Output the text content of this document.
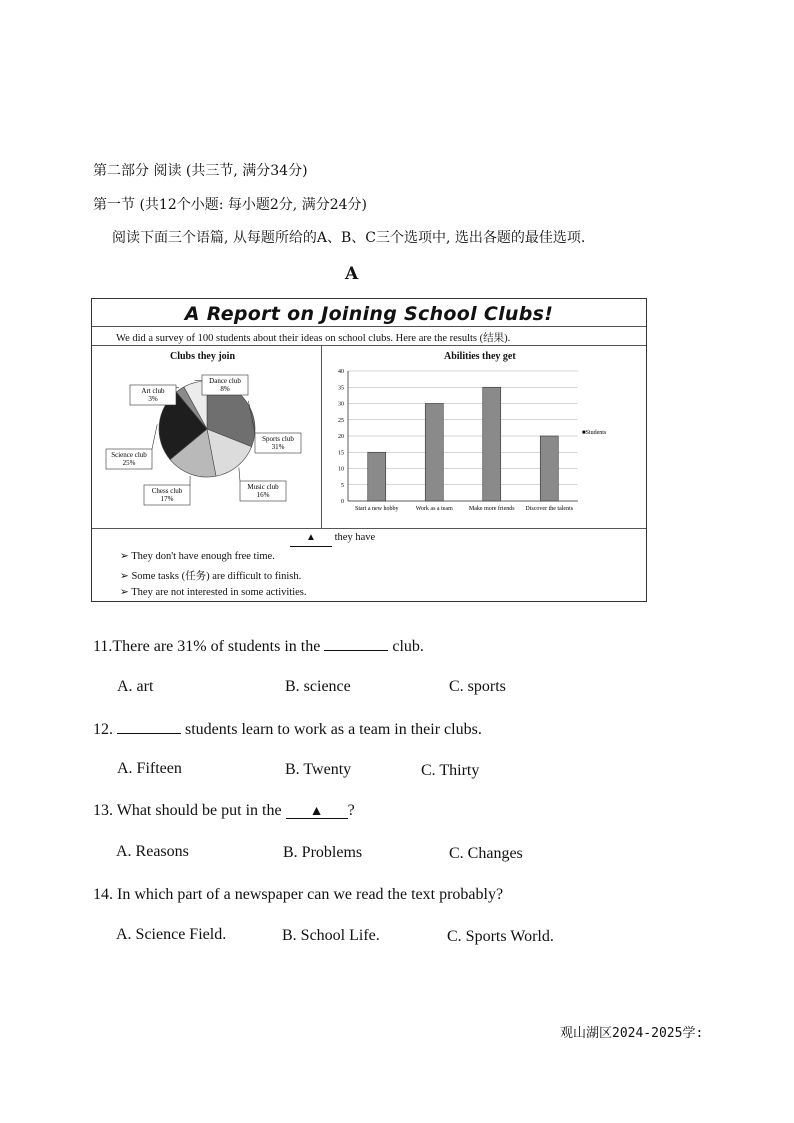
第二部分 阅读 (共三节, 满分34分)
第一节 (共12个小题: 每小题2分, 满分24分)
阅读下面三个语篇, 从每题所给的A、B、C三个选项中, 选出各题的最佳选项.
A
A Report on Joining School Clubs!
We did a survey of 100 students about their ideas on school clubs. Here are the results (结果).
Clubs they join	Abilities they get
Sports club
31%
Music club
16%
Chess club
17%
Science club
25%
Art club
3%
Dance club
8%
0
5
10
15
20
25
30
35
40
Start a new hobby	Work as a team	Make more friends Discover the talents
■Students
▲ they have
➢ They don't have enough free time.
➢ Some tasks (任务) are difficult to finish.
➢ They are not interested in some activities.
11.There are 31% of students in the	club.
A. art	B. science	C. sports
12.	students learn to work as a team in their clubs.
A. Fifteen	B. Twenty	C. Thirty
13. What should be put in the ▲ ?
A. Reasons	B. Problems	C. Changes
14. In which part of a newspaper can we read the text probably?
A. Science Field.	B. School Life.	C. Sports World.
观山湖区2024-2025学:
